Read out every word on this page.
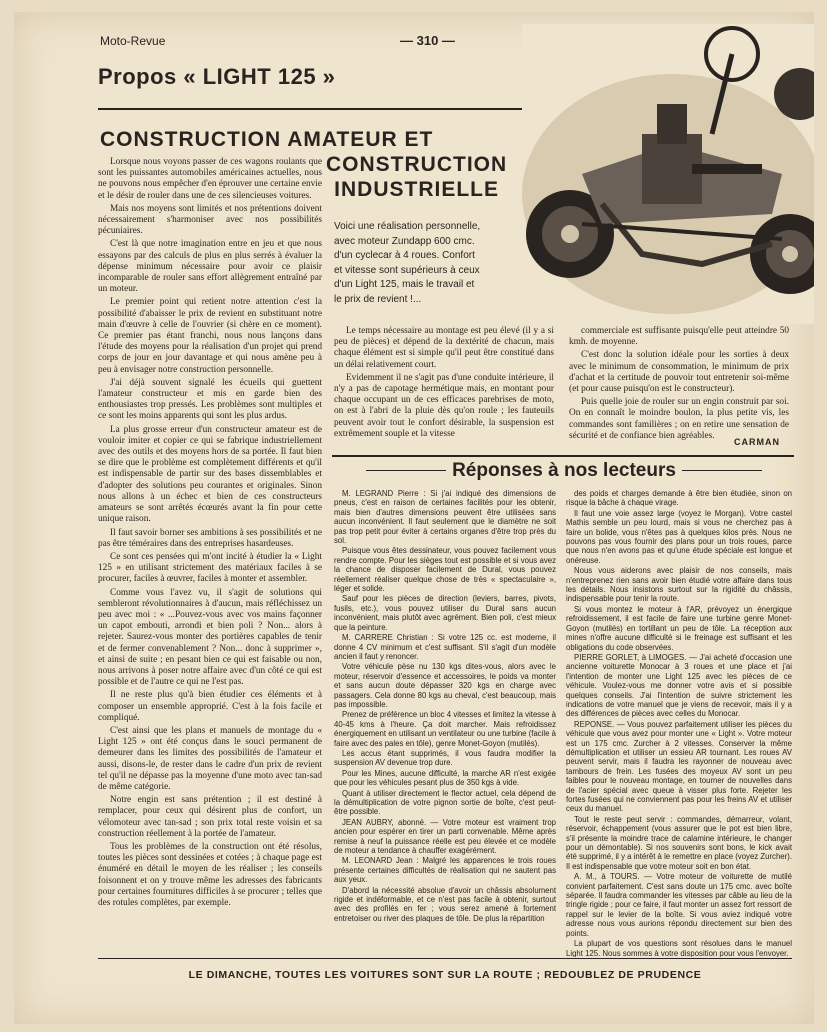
Moto-Revue	— 310 —
Propos « LIGHT 125 »
CONSTRUCTION AMATEUR ET
CONSTRUCTION
INDUSTRIELLE

Voici une réalisation personnelle, avec moteur Zundapp 600 cmc. d'un cyclecar à 4 roues. Confort et vitesse sont supérieurs à ceux d'un Light 125, mais le travail et le prix de revient !...

Lorsque nous voyons passer de ces wagons roulants que sont les puissantes automobiles américaines actuelles, nous ne pouvons nous empêcher d'en éprouver une certaine envie et le désir de rouler dans une de ces silencieuses voitures.

Mais nos moyens sont limités et nos prétentions doivent nécessairement s'harmoniser avec nos possibilités pécuniaires.

C'est là que notre imagination entre en jeu et que nous essayons par des calculs de plus en plus serrés à évaluer la dépense minimum nécessaire pour avoir ce plaisir incomparable de rouler sans effort allègrement entraîné par un moteur.

Le premier point qui retient notre attention c'est la possibilité d'abaisser le prix de revient en substituant notre main d'œuvre à celle de l'ouvrier (si chère en ce moment). Ce premier pas étant franchi, nous nous lançons dans l'étude des moyens pour la réalisation d'un projet qui prend corps de jour en jour davantage et qui nous amène peu à peu à envisager notre construction personnelle.

J'ai déjà souvent signalé les écueils qui guettent l'amateur constructeur et mis en garde bien des enthousiastes trop pressés. Les problèmes sont multiples et ce sont les moins apparents qui sont les plus ardus.

La plus grosse erreur d'un constructeur amateur est de vouloir imiter et copier ce qui se fabrique industriellement avec des outils et des moyens hors de sa portée. Il faut bien se dire que le problème est complètement différents et qu'il est indispensable de partir sur des bases dissemblables et d'adopter des solutions peu courantes et originales. Sinon nous allons à un échec et bien de ces constructeurs amateurs se sont arrêtés écœurés avant la fin pour cette unique raison.

Il faut savoir borner ses ambitions à ses possibilités et ne pas être téméraires dans des entreprises hasardeuses.

Ce sont ces pensées qui m'ont incité à étudier la « Light 125 » en utilisant strictement des matériaux faciles à se procurer, faciles à œuvrer, faciles à monter et assembler.

Comme vous l'avez vu, il s'agit de solutions qui sembleront révolutionnaires à d'aucun, mais réfléchissez un peu avec moi : « ...Pouvez-vous avec vos mains façonner un capot embouti, arrondi et bien poli ? Non... alors à rejeter. Saurez-vous monter des portières capables de tenir et de fermer convenablement ? Non... donc à supprimer », et ainsi de suite ; en pesant bien ce qui est faisable ou non, nous arrivons à poser notre affaire avec d'un côté ce qui est possible et de l'autre ce qui ne l'est pas.

Il ne reste plus qu'à bien étudier ces éléments et à composer un ensemble approprié. C'est à la fois facile et compliqué.

C'est ainsi que les plans et manuels de montage du « Light 125 » ont été conçus dans le souci permanent de demeurer dans les limites des possibilités de l'amateur et aussi, disons-le, de rester dans le cadre d'un prix de revient tel qu'il ne dépasse pas la moyenne d'une moto avec tan-sad de même catégorie.

Notre engin est sans prétention ; il est destiné à remplacer, pour ceux qui désirent plus de confort, un vélomoteur avec tan-sad ; son prix total reste voisin et sa construction réellement à la portée de l'amateur.

Tous les problèmes de la construction ont été résolus, toutes les pièces sont dessinées et cotées ; à chaque page est énuméré en détail le moyen de les réaliser ; les conseils foisonnent et on y trouve même les adresses des fabricants pour certaines fournitures difficiles à se procurer ; telles que des rotules complètes, par exemple.

Le temps nécessaire au montage est peu élevé (il y a si peu de pièces) et dépend de la dextérité de chacun, mais chaque élément est si simple qu'il peut être constitué dans un délai relativement court.

Evidemment il ne s'agit pas d'une conduite intérieure, il n'y a pas de capotage hermétique mais, en montant pour chaque occupant un de ces efficaces parebrises de moto, on est à l'abri de la pluie dès qu'on roule ; les fauteuils peuvent avoir tout le confort désirable, la suspension est extrêmement souple et la vitesse

commerciale est suffisante puisqu'elle peut atteindre 50 kmh. de moyenne.

C'est donc la solution idéale pour les sorties à deux avec le minimum de consommation, le minimum de prix d'achat et la certitude de pouvoir tout entretenir soi-même (et pour cause puisqu'on est le constructeur).

Puis quelle joie de rouler sur un engin construit par soi. On en connaît le moindre boulon, la plus petite vis, les commandes sont familières ; on en retire une sensation de sécurité et de confiance bien agréables.

CARMAN
Réponses à nos lecteurs

M. LEGRAND Pierre : Si j'ai indiqué des dimensions de pneus, c'est en raison de certaines facilités pour les obtenir, mais bien d'autres dimensions peuvent être utilisées sans aucun inconvénient. Il faut seulement que le diamètre ne soit pas trop petit pour éviter à certains organes d'être trop près du sol.

Puisque vous êtes dessinateur, vous pouvez facilement vous rendre compte. Pour les sièges tout est possible et si vous avez la chance de disposer facilement de Dural, vous pouvez réellement réaliser quelque chose de très « spectaculaire », léger et solide.

Sauf pour les pièces de direction (leviers, barres, pivots, fusils, etc.), vous pouvez utiliser du Dural sans aucun inconvénient, mais plutôt avec agrément. Bien poli, c'est mieux que la peinture.

M. CARRERE Christian : Si votre 125 cc. est moderne, il donne 4 CV minimum et c'est suffisant. S'il s'agit d'un modèle ancien il faut y renoncer.

Votre véhicule pèse nu 130 kgs dites-vous, alors avec le moteur, réservoir d'essence et accessoires, le poids va monter et sans aucun doute dépasser 320 kgs en charge avec passagers. Cela donne 80 kgs au cheval, c'est beaucoup, mais pas impossible.

Prenez de préférence un bloc 4 vitesses et limitez la vitesse à 40-45 kms à l'heure. Ça doit marcher. Mais refroidissez énergiquement en utilisant un ventilateur ou une turbine (facile à faire avec des pales en tôle), genre Monet-Goyon (mutilés).

Les accus étant supprimés, il vous faudra modifier la suspension AV devenue trop dure.

Pour les Mines, aucune difficulté, la marche AR n'est exigée que pour les véhicules pesant plus de 350 kgs à vide.

Quant à utiliser directement le flector actuel, cela dépend de la démultiplication de votre pignon sortie de boîte, c'est peut-être possible.

JEAN AUBRY, abonné. — Votre moteur est vraiment trop ancien pour espérer en tirer un parti convenable. Même après remise à neuf la puissance réelle est peu élevée et ce modèle de moteur a tendance à chauffer exagérément.

M. LEONARD Jean : Malgré les apparences le trois roues présente certaines difficultés de réalisation qui ne sautent pas aux yeux.

D'abord la nécessité absolue d'avoir un châssis absolument rigide et indéformable, et ce n'est pas facile à obtenir, surtout avec des profilés en fer ; vous serez amené à fortement entretoiser ou river des plaques de tôle. De plus la répartition

des poids et charges demande à être bien étudiée, sinon on risque la bâche à chaque virage.

Il faut une voie assez large (voyez le Morgan). Votre castel Mathis semble un peu lourd, mais si vous ne cherchez pas à faire un bolide, vous n'êtes pas à quelques kilos près. Nous ne pouvons pas vous fournir des plans pour un trois roues, parce que nous n'en avons pas et qu'une étude spéciale est longue et onéreuse.

Nous vous aiderons avec plaisir de nos conseils, mais n'entreprenez rien sans avoir bien étudié votre affaire dans tous les détails. Nous insistons surtout sur la rigidité du châssis, indispensable pour tenir la route.

Si vous montez le moteur à l'AR, prévoyez un énergique refroidissement, il est facile de faire une turbine genre Monet-Goyon (mutilés) en tortillant un peu de tôle. La réception aux mines n'offre aucune difficulté si le freinage est suffisant et les obligations du code observées.

PIERRE GORLET, à LIMOGES. — J'ai acheté d'occasion une ancienne voiturette Monocar à 3 roues et une place et j'ai l'intention de monter une Light 125 avec les pièces de ce véhicule. Voulez-vous me donner votre avis et si possible quelques conseils. J'ai l'intention de suivre strictement les indications de votre manuel que je viens de recevoir, mais il y a des différences de pièces avec celles du Monocar.

REPONSE. — Vous pouvez parfaitement utiliser les pièces du véhicule que vous avez pour monter une « Light ». Votre moteur est un 175 cmc. Zurcher à 2 vitesses. Conserver la même démultiplication et utiliser un essieu AR tournant. Les roues AV peuvent servir, mais il faudra les rayonner de nouveau avec tambours de frein. Les fusées des moyeux AV sont un peu faibles pour le nouveau montage, en tourner de nouvelles dans de l'acier spécial avec queue à visser plus forte. Rejeter les fortes fusées qui ne conviennent pas pour les freins AV et utiliser ceux du manuel.

Tout le reste peut servir : commandes, démarreur, volant, réservoir, échappement (vous assurer que le pot est bien libre, s'il présente la moindre trace de calamine intérieure, le changer pour un démontable). Si nos souvenirs sont bons, le kick avait été supprimé, il y a intérêt à le remettre en place (voyez Zurcher). Il est indispensable que votre moteur soit en bon état.

A. M., à TOURS. — Votre moteur de voiturette de mutilé convient parfaitement. C'est sans doute un 175 cmc. avec boîte séparée. Il faudra commander les vitesses par câble au lieu de la tringle rigide ; pour ce faire, il faut monter un assez fort ressort de rappel sur le levier de la boîte. Si vous aviez indiqué votre adresse nous vous aurions répondu directement sur bien des points.

La plupart de vos questions sont résolues dans le manuel Light 125. Nous sommes à votre disposition pour vous l'envoyer.

LE DIMANCHE, TOUTES LES VOITURES SONT SUR LA ROUTE ; REDOUBLEZ DE PRUDENCE
